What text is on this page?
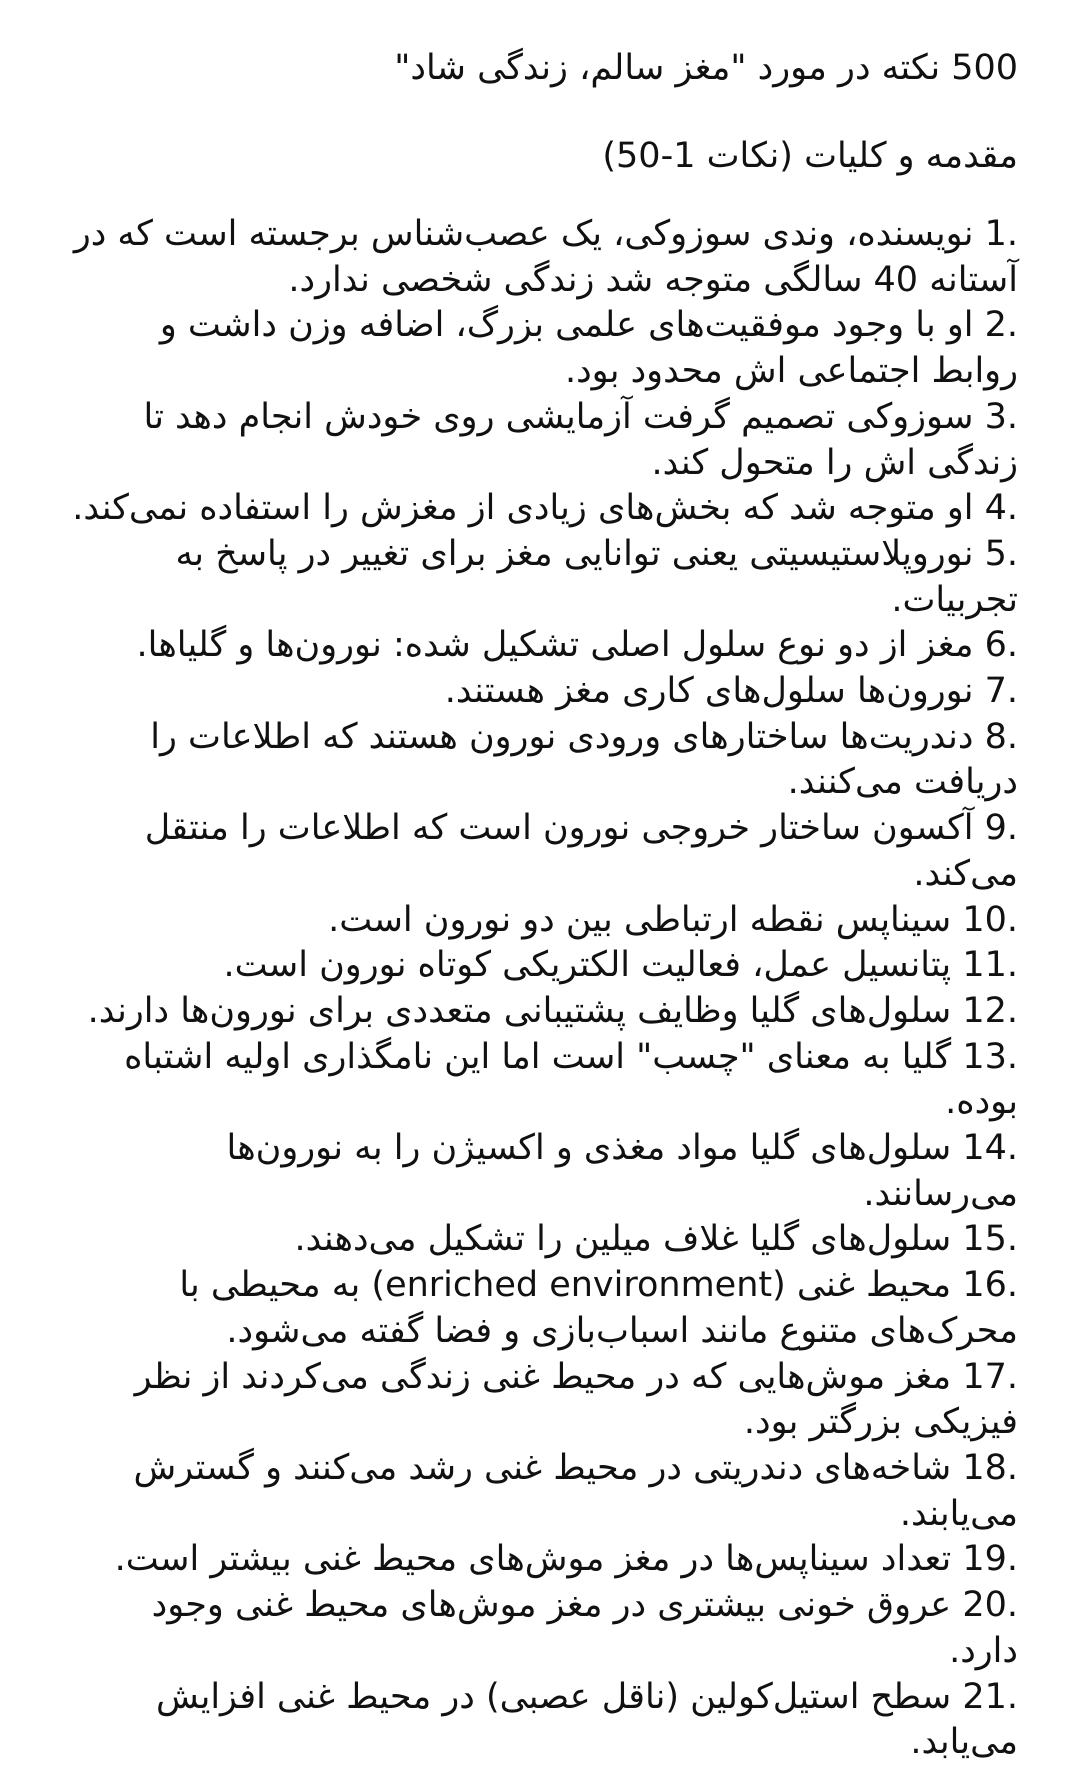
500 نکته در مورد "مغز سالم، زندگی شاد"
مقدمه و کلیات (نکات 1-50)
1. نویسنده، وندی سوزوکی، یک عصب‌شناس برجسته است که در آستانه 40 سالگی متوجه شد زندگی شخصی ندارد.
2. او با وجود موفقیت‌های علمی بزرگ، اضافه وزن داشت و روابط اجتماعی اش محدود بود.
3. سوزوکی تصمیم گرفت آزمایشی روی خودش انجام دهد تا زندگی اش را متحول کند.
4. او متوجه شد که بخش‌های زیادی از مغزش را استفاده نمی‌کند.
5. نوروپلاستیسیتی یعنی توانایی مغز برای تغییر در پاسخ به تجربیات.
6. مغز از دو نوع سلول اصلی تشکیل شده: نورون‌ها و گلیاها.
7. نورون‌ها سلول‌های کاری مغز هستند.
8. دندریت‌ها ساختارهای ورودی نورون هستند که اطلاعات را دریافت می‌کنند.
9. آکسون ساختار خروجی نورون است که اطلاعات را منتقل می‌کند.
10. سیناپس نقطه ارتباطی بین دو نورون است.
11. پتانسیل عمل، فعالیت الکتریکی کوتاه نورون است.
12. سلول‌های گلیا وظایف پشتیبانی متعددی برای نورون‌ها دارند.
13. گلیا به معنای "چسب" است اما این نامگذاری اولیه اشتباه بوده.
14. سلول‌های گلیا مواد مغذی و اکسیژن را به نورون‌ها می‌رسانند.
15. سلول‌های گلیا غلاف میلین را تشکیل می‌دهند.
16. محیط غنی (enriched environment) به محیطی با محرک‌های متنوع مانند اسباب‌بازی و فضا گفته می‌شود.
17. مغز موش‌هایی که در محیط غنی زندگی می‌کردند از نظر فیزیکی بزرگتر بود.
18. شاخه‌های دندریتی در محیط غنی رشد می‌کنند و گسترش می‌یابند.
19. تعداد سیناپس‌ها در مغز موش‌های محیط غنی بیشتر است.
20. عروق خونی بیشتری در مغز موش‌های محیط غنی وجود دارد.
21. سطح استیل‌کولین (ناقل عصبی) در محیط غنی افزایش می‌یابد.
